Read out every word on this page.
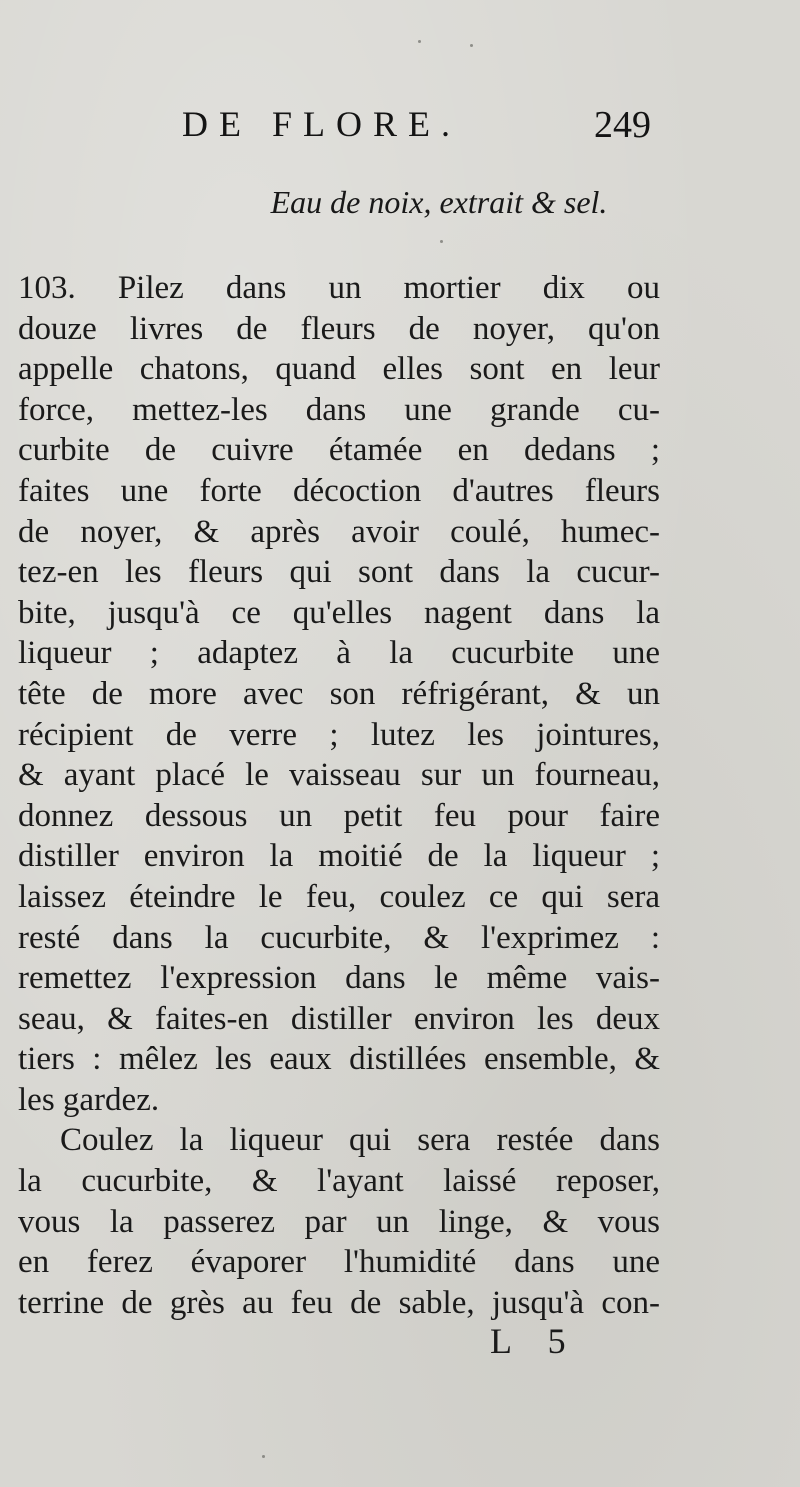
DE FLORE.	249
Eau de noix, extrait & sel.
103. Pilez dans un mortier dix ou
douze livres de fleurs de noyer, qu'on
appelle chatons, quand elles sont en leur
force, mettez-les dans une grande cu-
curbite de cuivre étamée en dedans ;
faites une forte décoction d'autres fleurs
de noyer, & après avoir coulé, humec-
tez-en les fleurs qui sont dans la cucur-
bite, jusqu'à ce qu'elles nagent dans la
liqueur ; adaptez à la cucurbite une
tête de more avec son réfrigérant, & un
récipient de verre ; lutez les jointures,
& ayant placé le vaisseau sur un fourneau,
donnez dessous un petit feu pour faire
distiller environ la moitié de la liqueur ;
laissez éteindre le feu, coulez ce qui sera
resté dans la cucurbite, & l'exprimez :
remettez l'expression dans le même vais-
seau, & faites-en distiller environ les deux
tiers : mêlez les eaux distillées ensemble, &
les gardez.
Coulez la liqueur qui sera restée dans
la cucurbite, & l'ayant laissé reposer,
vous la passerez par un linge, & vous
en ferez évaporer l'humidité dans une
terrine de grès au feu de sable, jusqu'à con-
L 5
